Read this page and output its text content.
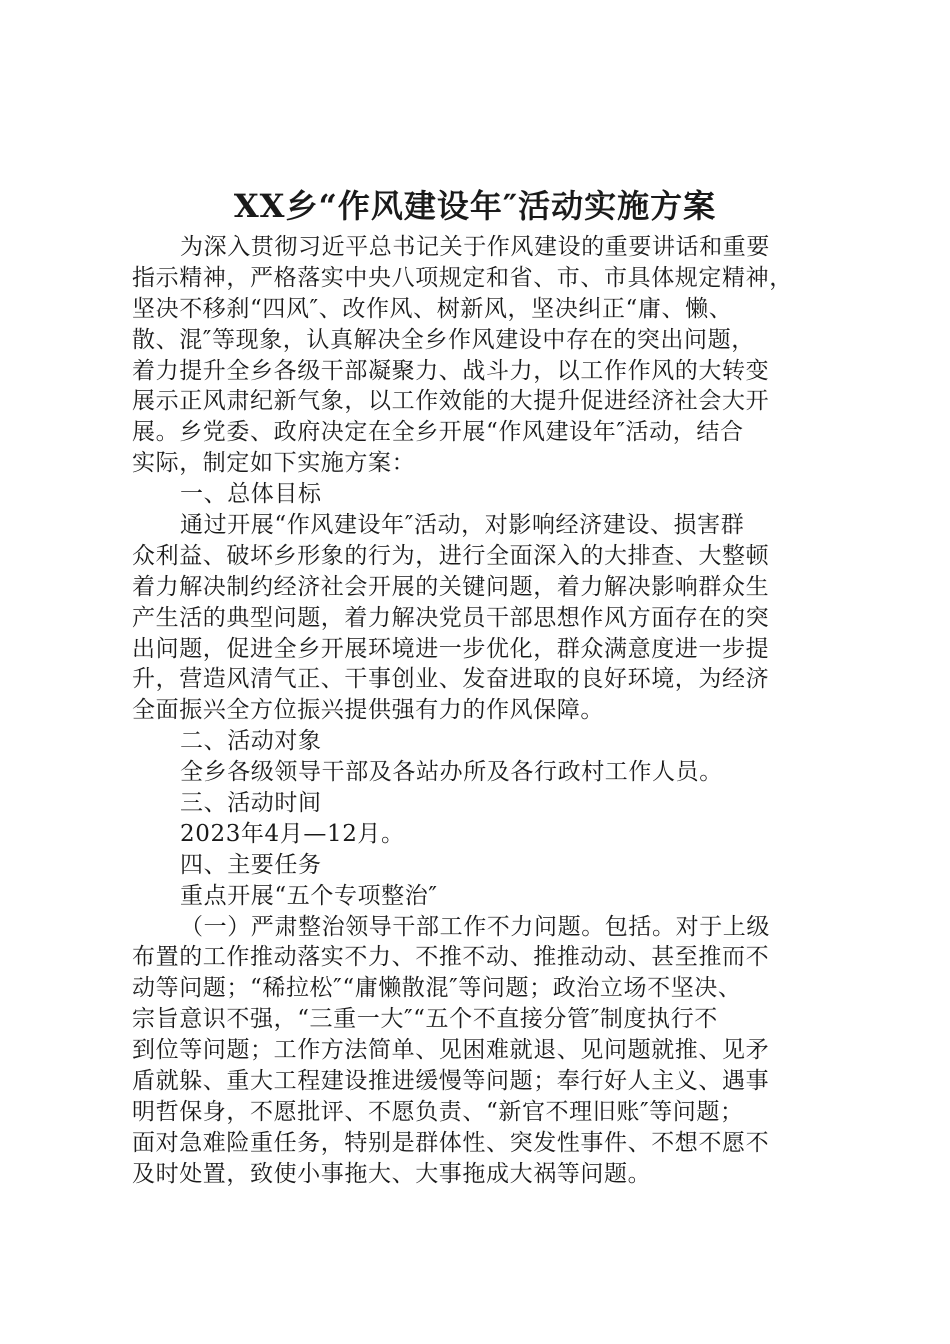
XX乡“作风建设年″活动实施方案
为深入贯彻习近平总书记关于作风建设的重要讲话和重要
指示精神，严格落实中央八项规定和省、市、市具体规定精神，
坚决不移刹“四风″、改作风、树新风，坚决纠正“庸、懒、
散、混″等现象，认真解决全乡作风建设中存在的突出问题，
着力提升全乡各级干部凝聚力、战斗力，以工作作风的大转变
展示正风肃纪新气象，以工作效能的大提升促进经济社会大开
展。乡党委、政府决定在全乡开展“作风建设年″活动，结合
实际，制定如下实施方案：
一、总体目标
通过开展“作风建设年″活动，对影响经济建设、损害群
众利益、破坏乡形象的行为，进行全面深入的大排查、大整顿
着力解决制约经济社会开展的关键问题，着力解决影响群众生
产生活的典型问题，着力解决党员干部思想作风方面存在的突
出问题，促进全乡开展环境进一步优化，群众满意度进一步提
升，营造风清气正、干事创业、发奋进取的良好环境，为经济
全面振兴全方位振兴提供强有力的作风保障。
二、活动对象
全乡各级领导干部及各站办所及各行政村工作人员。
三、活动时间
2023年4月—12月。
四、主要任务
重点开展“五个专项整治″
（一）严肃整治领导干部工作不力问题。包括。对于上级
布置的工作推动落实不力、不推不动、推推动动、甚至推而不
动等问题；“稀拉松″“庸懒散混″等问题；政治立场不坚决、
宗旨意识不强，“三重一大″“五个不直接分管″制度执行不
到位等问题；工作方法简单、见困难就退、见问题就推、见矛
盾就躲、重大工程建设推进缓慢等问题；奉行好人主义、遇事
明哲保身，不愿批评、不愿负责、“新官不理旧账″等问题；
面对急难险重任务，特别是群体性、突发性事件、不想不愿不
及时处置，致使小事拖大、大事拖成大祸等问题。
